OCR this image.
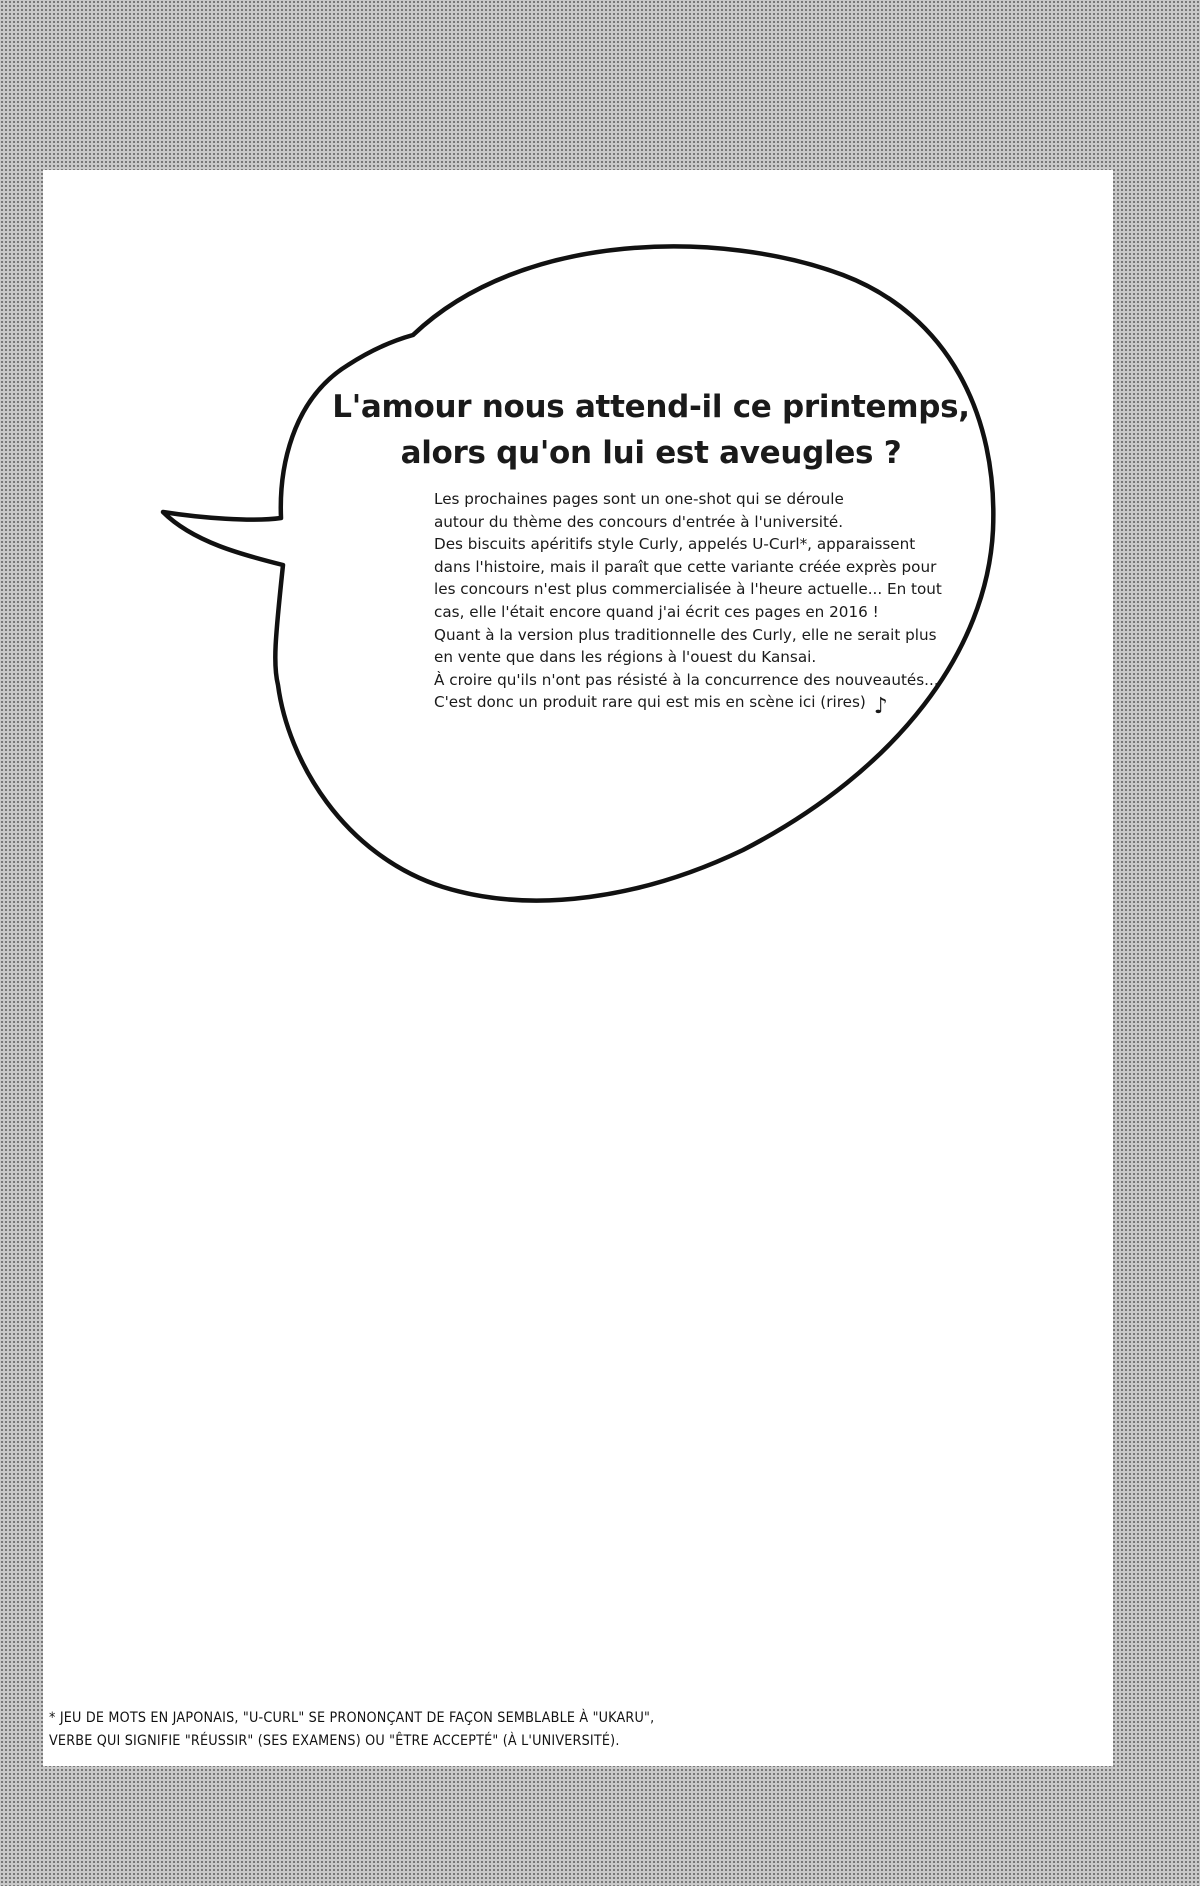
L'amour nous attend-il ce printemps,
alors qu'on lui est aveugles ?
Les prochaines pages sont un one-shot qui se déroule
autour du thème des concours d'entrée à l'université.
Des biscuits apéritifs style Curly, appelés U-Curl*, apparaissent
dans l'histoire, mais il paraît que cette variante créée exprès pour
les concours n'est plus commercialisée à l'heure actuelle... En tout
cas, elle l'était encore quand j'ai écrit ces pages en 2016 !
Quant à la version plus traditionnelle des Curly, elle ne serait plus
en vente que dans les régions à l'ouest du Kansai.
À croire qu'ils n'ont pas résisté à la concurrence des nouveautés...
C'est donc un produit rare qui est mis en scène ici (rires) ♪
* JEU DE MOTS EN JAPONAIS, "U-CURL" SE PRONONÇANT DE FAÇON SEMBLABLE À "UKARU",
VERBE QUI SIGNIFIE "RÉUSSIR" (SES EXAMENS) OU "ÊTRE ACCEPTÉ" (À L'UNIVERSITÉ).
